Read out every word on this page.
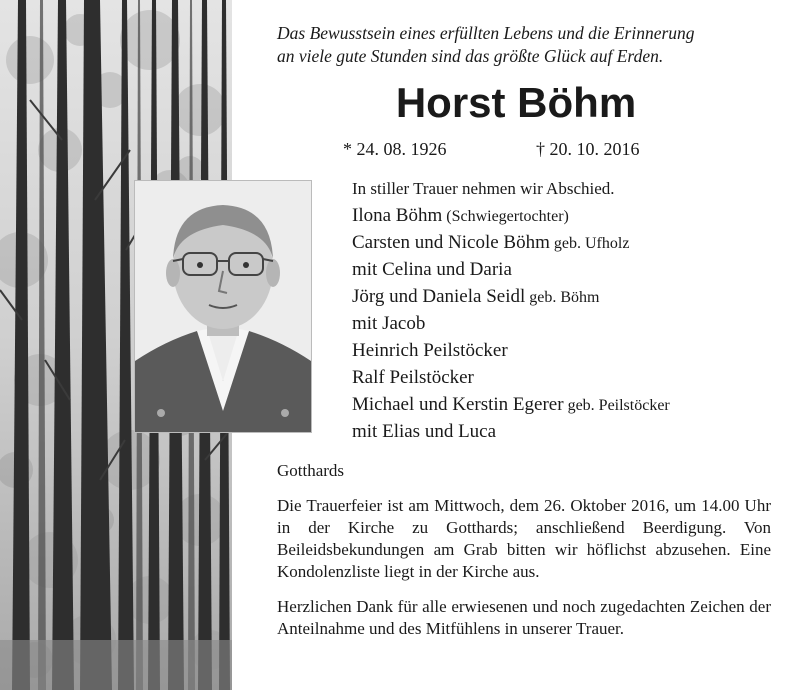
Das Bewusstsein eines erfüllten Lebens und die Erinnerung

an viele gute Stunden sind das größte Glück auf Erden.

Horst Böhm
* 24. 08. 1926	† 20. 10. 2016
In stiller Trauer nehmen wir Abschied.
Ilona Böhm (Schwiegertochter)
Carsten und Nicole Böhm geb. Ufholz
mit Celina und Daria
Jörg und Daniela Seidl geb. Böhm
mit Jacob
Heinrich Peilstöcker
Ralf Peilstöcker
Michael und Kerstin Egerer geb. Peilstöcker
mit Elias und Luca
Gotthards

Die Trauerfeier ist am Mittwoch, dem 26. Oktober 2016, um 14.00 Uhr in der Kirche zu Gotthards; anschließend Beerdigung. Von Beileidsbekundungen am Grab bitten wir höflichst abzusehen. Eine Kondolenzliste liegt in der Kirche aus.

Herzlichen Dank für alle erwiesenen und noch zugedachten Zeichen der Anteilnahme und des Mitfühlens in unserer Trauer.
